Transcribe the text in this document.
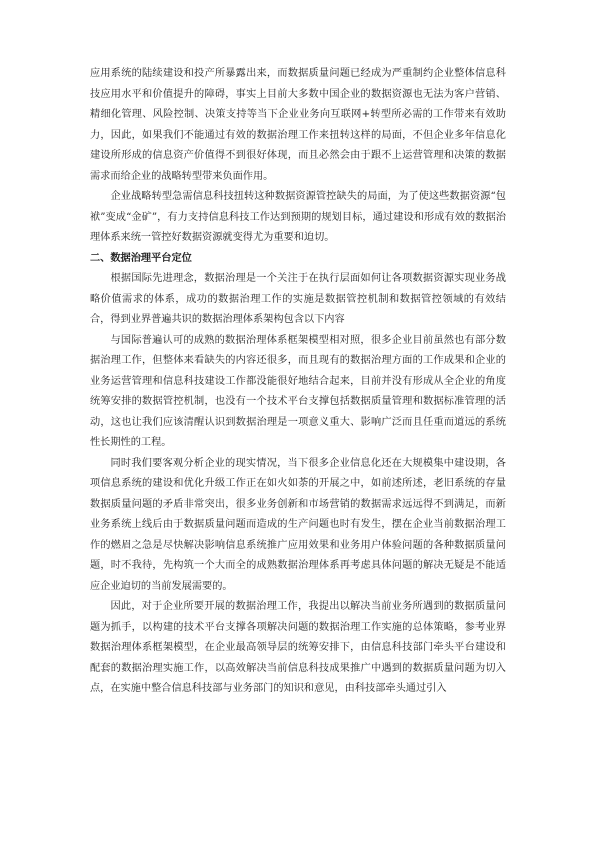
应用系统的陆续建设和投产所暴露出来，而数据质量问题已经成为严重制约企业整体信息科技应用水平和价值提升的障碍，事实上目前大多数中国企业的数据资源也无法为客户营销、精细化管理、风险控制、决策支持等当下企业业务向互联网+转型所必需的工作带来有效助力，因此，如果我们不能通过有效的数据治理工作来扭转这样的局面，不但企业多年信息化建设所形成的信息资产价值得不到很好体现，而且必然会由于跟不上运营管理和决策的数据需求而给企业的战略转型带来负面作用。

企业战略转型急需信息科技扭转这种数据资源管控缺失的局面，为了使这些数据资源“包袱”变成“金矿”，有力支持信息科技工作达到预期的规划目标，通过建设和形成有效的数据治理体系来统一管控好数据资源就变得尤为重要和迫切。

二、数据治理平台定位

根据国际先进理念，数据治理是一个关注于在执行层面如何让各项数据资源实现业务战略价值需求的体系，成功的数据治理工作的实施是数据管控机制和数据管控领域的有效结合，得到业界普遍共识的数据治理体系架构包含以下内容

与国际普遍认可的成熟的数据治理体系框架模型相对照，很多企业目前虽然也有部分数据治理工作，但整体来看缺失的内容还很多，而且现有的数据治理方面的工作成果和企业的业务运营管理和信息科技建设工作都没能很好地结合起来，目前并没有形成从全企业的角度统筹安排的数据管控机制，也没有一个技术平台支撑包括数据质量管理和数据标准管理的活动，这也让我们应该清醒认识到数据治理是一项意义重大、影响广泛而且任重而道远的系统性长期性的工程。

同时我们要客观分析企业的现实情况，当下很多企业信息化还在大规模集中建设期，各项信息系统的建设和优化升级工作正在如火如荼的开展之中，如前述所述，老旧系统的存量数据质量问题的矛盾非常突出，很多业务创新和市场营销的数据需求远远得不到满足，而新业务系统上线后由于数据质量问题而造成的生产问题也时有发生，摆在企业当前数据治理工作的燃眉之急是尽快解决影响信息系统推广应用效果和业务用户体验问题的各种数据质量问题，时不我待，先构筑一个大而全的成熟数据治理体系再考虑具体问题的解决无疑是不能适应企业迫切的当前发展需要的。

因此，对于企业所要开展的数据治理工作，我提出以解决当前业务所遇到的数据质量问题为抓手，以构建的技术平台支撑各项解决问题的数据治理工作实施的总体策略，参考业界数据治理体系框架模型，在企业最高领导层的统筹安排下，由信息科技部门牵头平台建设和配套的数据治理实施工作，以高效解决当前信息科技成果推广中遇到的数据质量问题为切入点，在实施中整合信息科技部与业务部门的知识和意见，由科技部牵头通过引入
